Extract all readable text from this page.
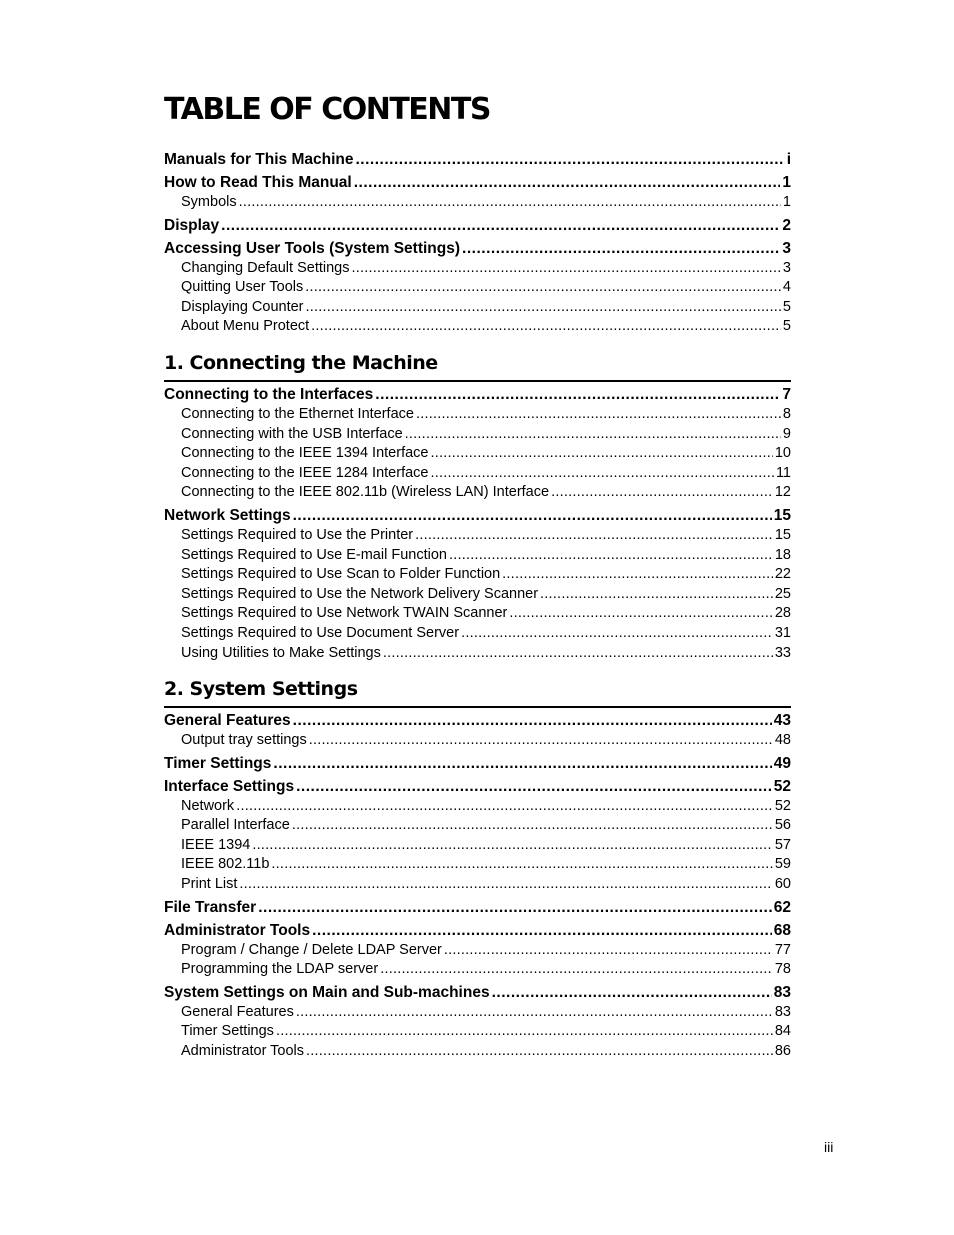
TABLE OF CONTENTS
Manuals for This Machine . . .	i
How to Read This Manual . . .	1
Symbols . . .	1
Display . . .	2
Accessing User Tools (System Settings) . . .	3
Changing Default Settings . . .	3
Quitting User Tools . . .	4
Displaying Counter . . .	5
About Menu Protect . . .	5
1. Connecting the Machine
Connecting to the Interfaces . . .	7
Connecting to the Ethernet Interface . . .	8
Connecting with the USB Interface . . .	9
Connecting to the IEEE 1394 Interface . . .	10
Connecting to the IEEE 1284 Interface . . .	11
Connecting to the IEEE 802.11b (Wireless LAN) Interface . . .	12
Network Settings . . .	15
Settings Required to Use the Printer . . .	15
Settings Required to Use E-mail Function . . .	18
Settings Required to Use Scan to Folder Function . . .	22
Settings Required to Use the Network Delivery Scanner . . .	25
Settings Required to Use Network TWAIN Scanner . . .	28
Settings Required to Use Document Server . . .	31
Using Utilities to Make Settings . . .	33
2. System Settings
General Features . . .	43
Output tray settings . . .	48
Timer Settings . . .	49
Interface Settings . . .	52
Network . . .	52
Parallel Interface . . .	56
IEEE 1394 . . .	57
IEEE 802.11b . . .	59
Print List . . .	60
File Transfer . . .	62
Administrator Tools . . .	68
Program / Change / Delete LDAP Server . . .	77
Programming the LDAP server . . .	78
System Settings on Main and Sub-machines . . .	83
General Features . . .	83
Timer Settings . . .	84
Administrator Tools . . .	86
iii
